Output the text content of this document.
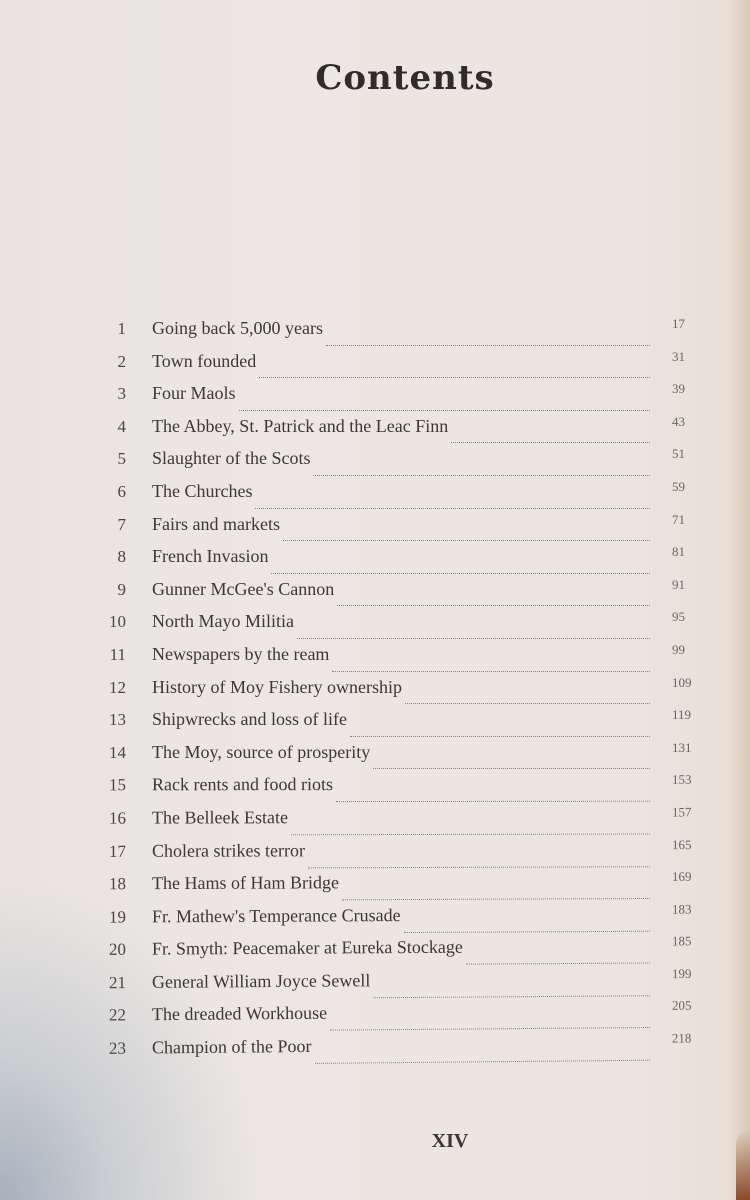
Contents
1 Going back 5,000 years	17
2 Town founded	31
3 Four Maols	39
4 The Abbey, St. Patrick and the Leac Finn	43
5 Slaughter of the Scots	51
6 The Churches	59
7 Fairs and markets	71
8 French Invasion	81
9 Gunner McGee's Cannon	91
10 North Mayo Militia	95
11 Newspapers by the ream	99
12 History of Moy Fishery ownership	109
13 Shipwrecks and loss of life	119
14 The Moy, source of prosperity	131
15 Rack rents and food riots	153
16 The Belleek Estate	157
17 Cholera strikes terror	165
18 The Hams of Ham Bridge	169
19 Fr. Mathew's Temperance Crusade	183
20 Fr. Smyth: Peacemaker at Eureka Stockage	185
21 General William Joyce Sewell	199
22 The dreaded Workhouse	205
23 Champion of the Poor	218
XIV
